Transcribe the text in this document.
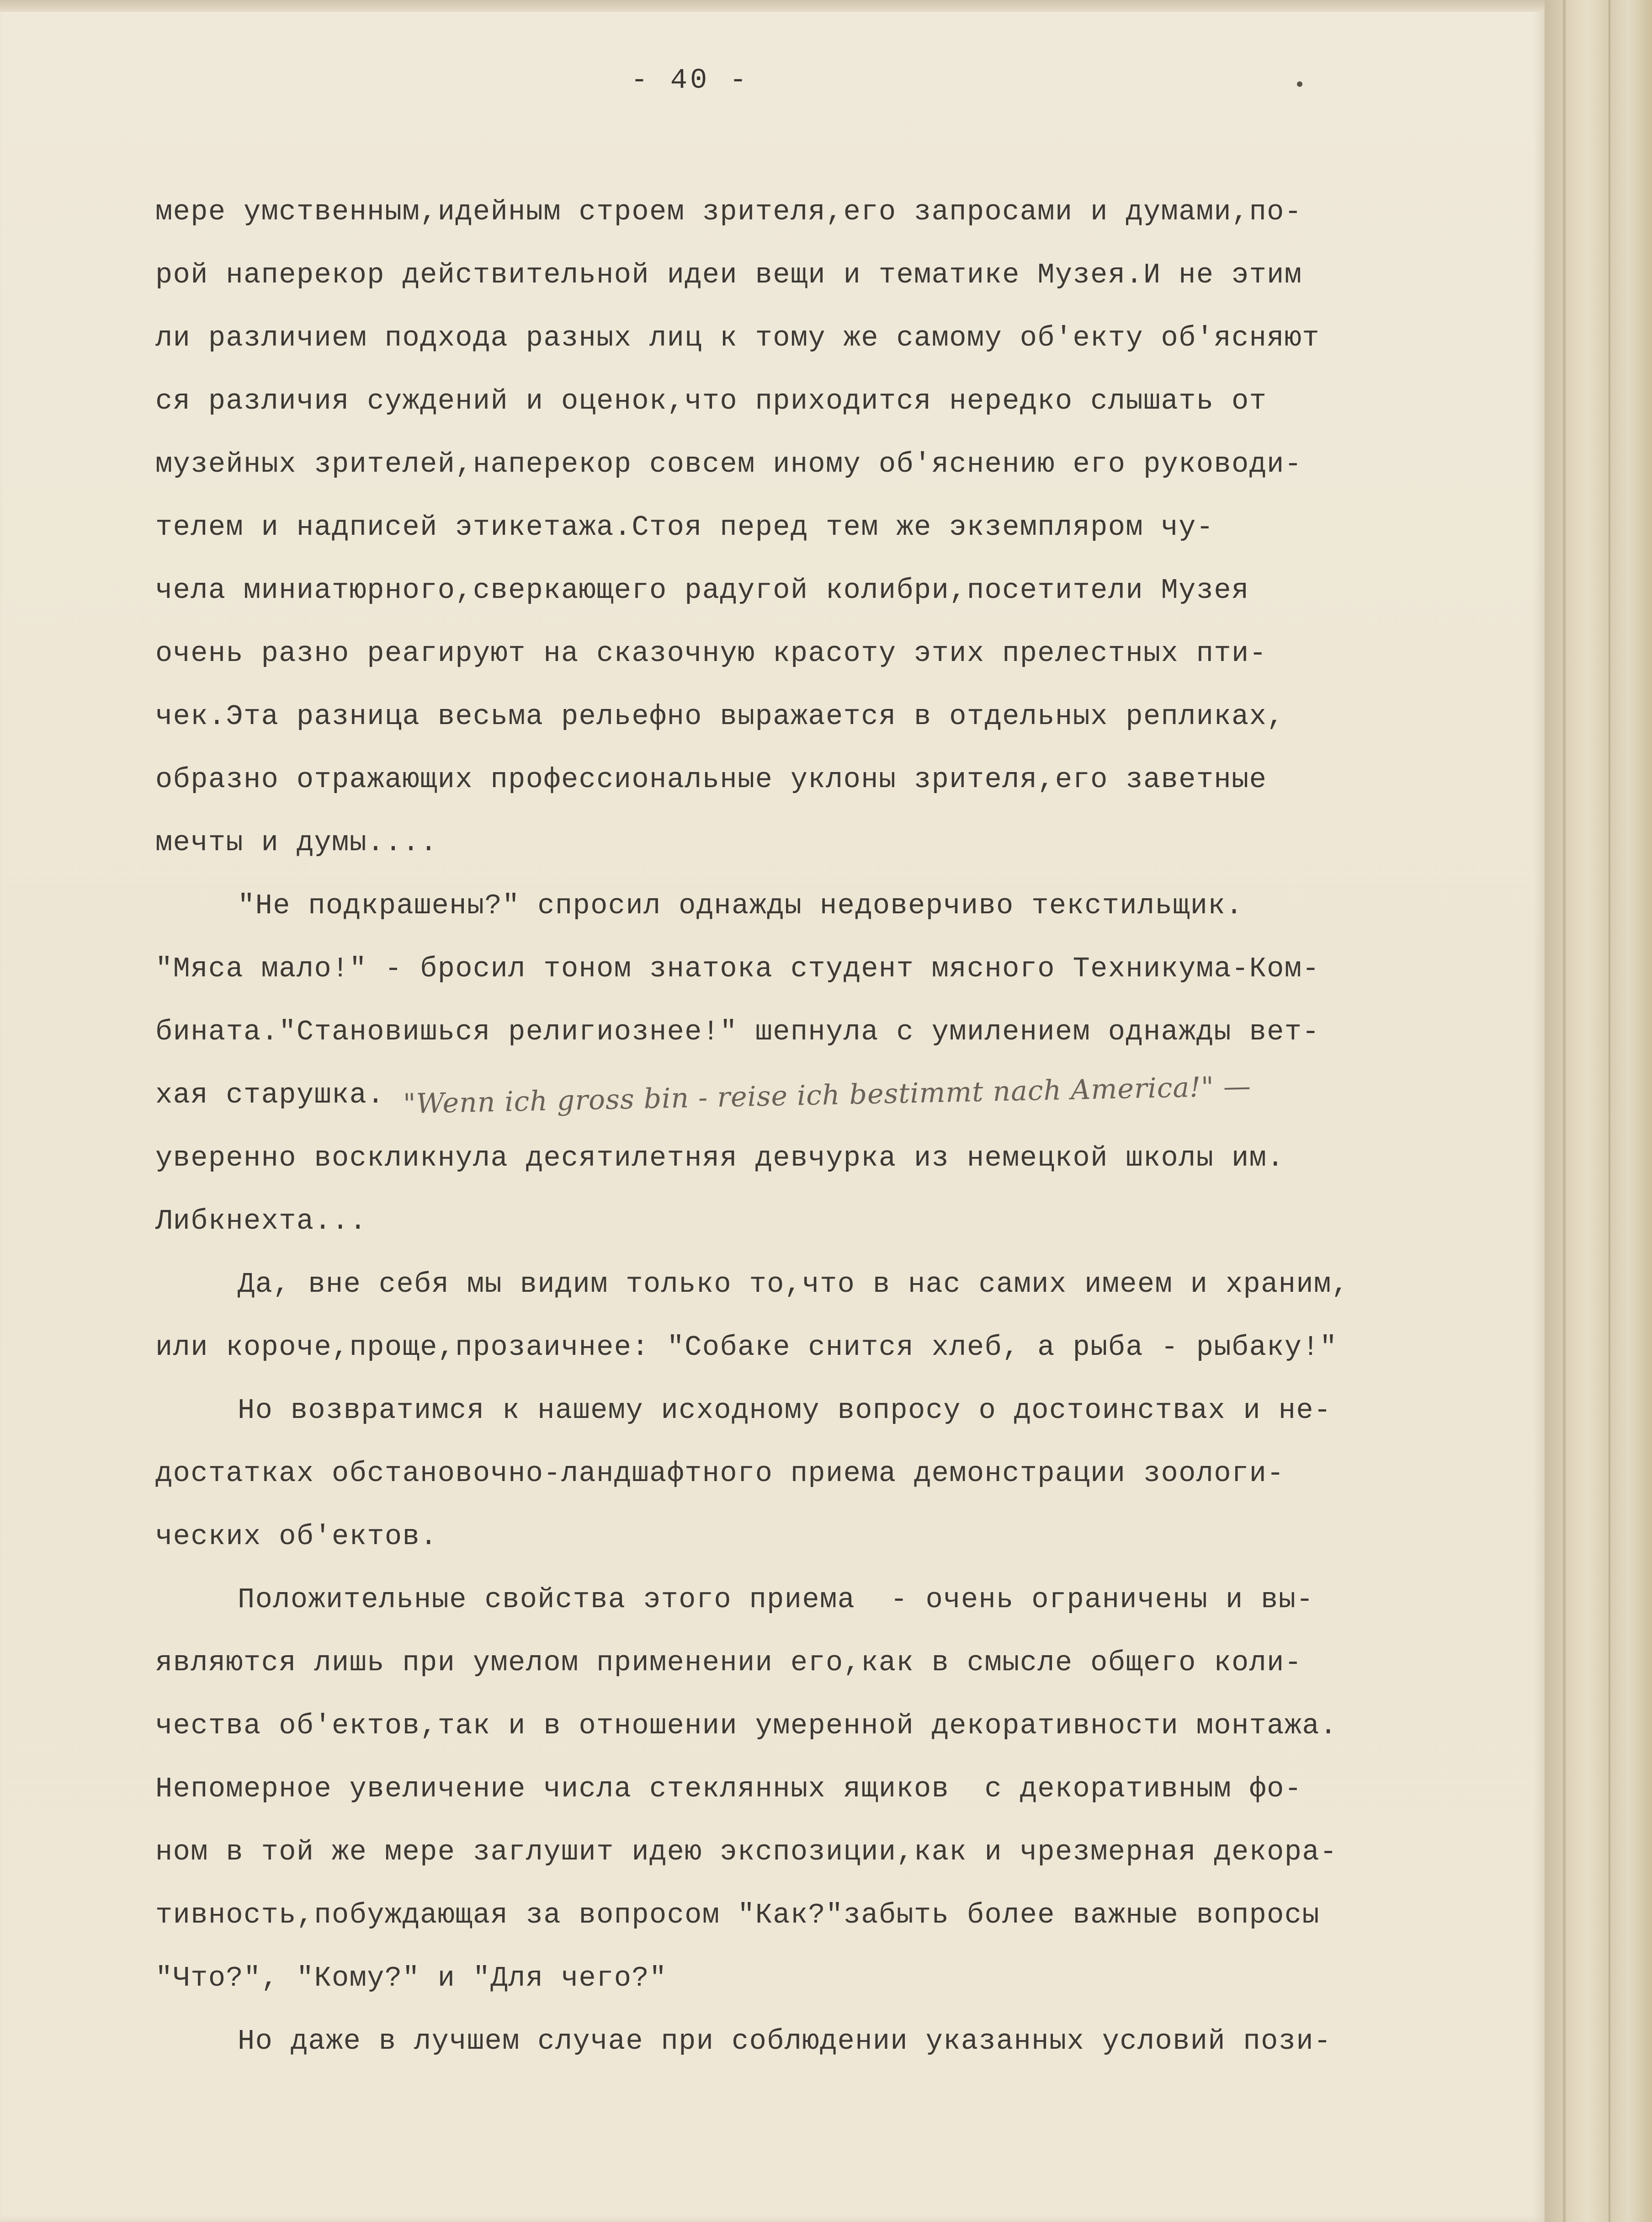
- 40 -
мере умственным,идейным строем зрителя,его запросами и думами,по-
рой наперекор действительной идеи вещи и тематике Музея.И не этим
ли различием подхода разных лиц к тому же самому об'екту об'ясняют
ся различия суждений и оценок,что приходится нередко слышать от
музейных зрителей,наперекор совсем иному об'яснению его руководи-
телем и надписей этикетажа.Стоя перед тем же экземпляром чу-
чела миниатюрного,сверкающего радугой колибри,посетители Музея
очень разно реагируют на сказочную красоту этих прелестных пти-
чек.Эта разница весьма рельефно выражается в отдельных репликах,
образно отражающих профессиональные уклоны зрителя,его заветные
мечты и думы....
"Не подкрашены?" спросил однажды недоверчиво текстильщик.
"Мяса мало!" - бросил тоном знатока студент мясного Техникума-Ком-
бината."Становишься религиознее!" шепнула с умилением однажды вет-
хая старушка. "Wenn ich gross bin - reise ich bestimmt nach America!" —
уверенно воскликнула десятилетняя девчурка из немецкой школы им.
Либкнехта...
Да, вне себя мы видим только то,что в нас самих имеем и храним,
или короче,проще,прозаичнее: "Собаке снится хлеб, а рыба - рыбаку!"
Но возвратимся к нашему исходному вопросу о достоинствах и не-
достатках обстановочно-ландшафтного приема демонстрации зоологи-
ческих об'ектов.
Положительные свойства этого приема  - очень ограничены и вы-
являются лишь при умелом применении его,как в смысле общего коли-
чества об'ектов,так и в отношении умеренной декоративности монтажа.
Непомерное увеличение числа стеклянных ящиков  с декоративным фо-
ном в той же мере заглушит идею экспозиции,как и чрезмерная декора-
тивность,побуждающая за вопросом "Как?"забыть более важные вопросы
"Что?", "Кому?" и "Для чего?"
Но даже в лучшем случае при соблюдении указанных условий пози-
